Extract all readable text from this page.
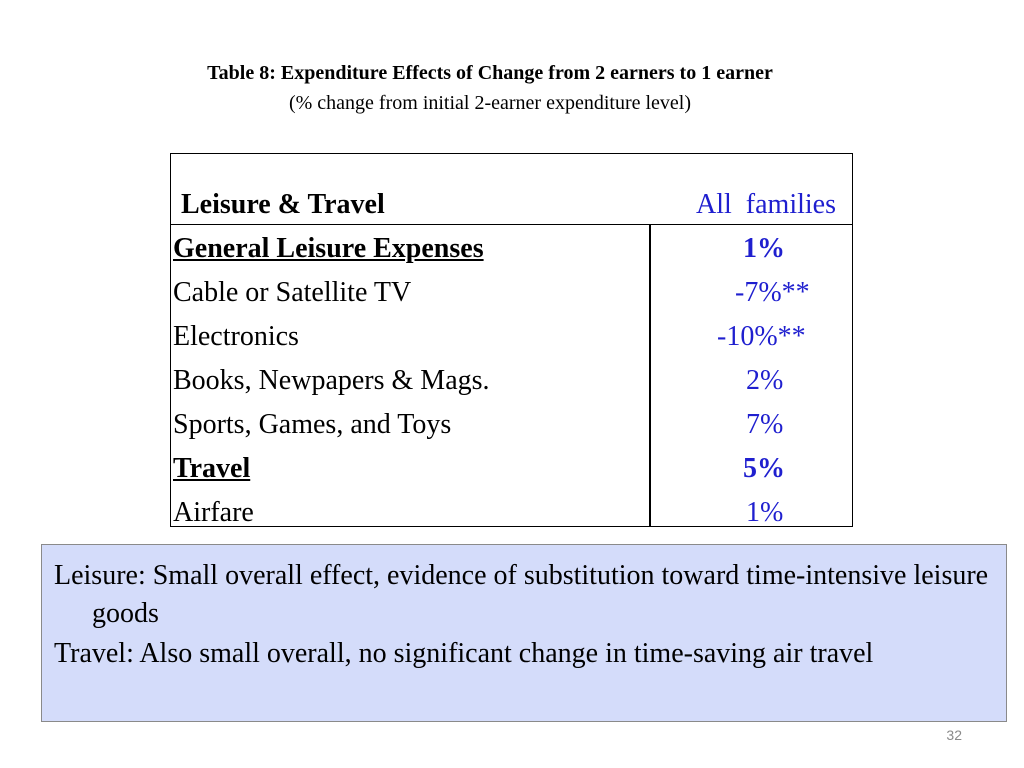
Table 8: Expenditure Effects of Change from 2 earners to 1 earner
(% change from initial 2-earner expenditure level)
Leisure & Travel	All  families
General Leisure Expenses	1%
Cable or Satellite TV	-7%**
Electronics	-10%**
Books, Newpapers & Mags.	2%
Sports, Games, and Toys	7%
Travel	5%
Airfare	1%

Leisure: Small overall effect, evidence of substitution toward time-intensive leisure goods

Travel: Also small overall, no significant change in time-saving air travel

32
